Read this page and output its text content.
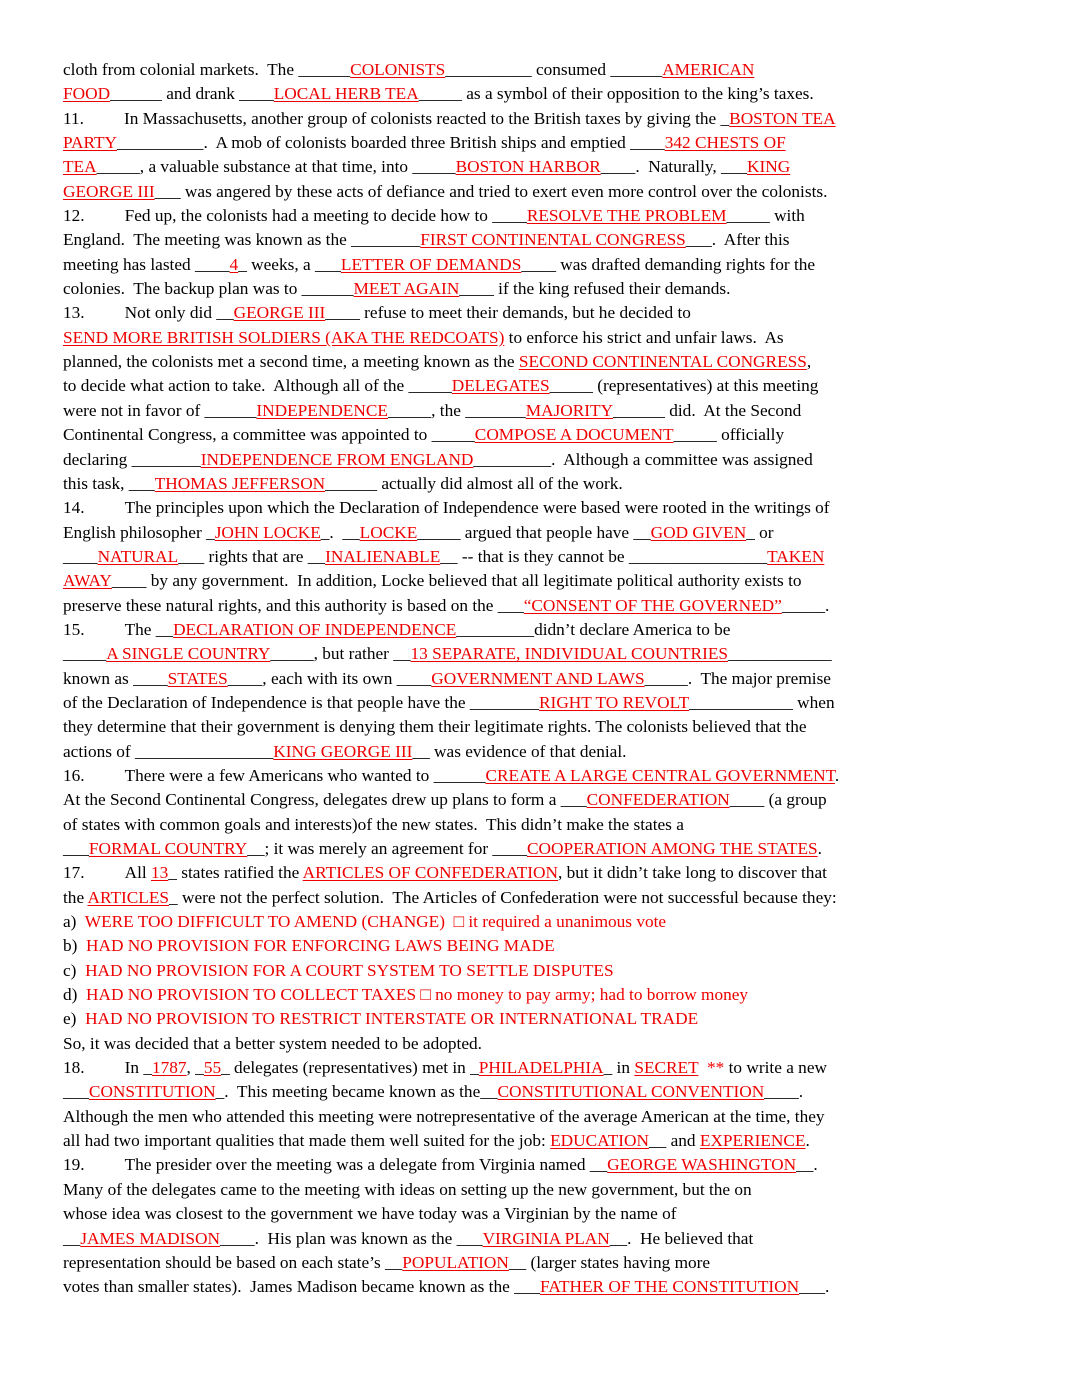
cloth from colonial markets.  The ______COLONISTS__________ consumed ______AMERICAN
FOOD______ and drank ____LOCAL HERB TEA_____ as a symbol of their opposition to the king’s taxes.
11. In Massachusetts, another group of colonists reacted to the British taxes by giving the _BOSTON TEA
PARTY__________.  A mob of colonists boarded three British ships and emptied ____342 CHESTS OF
TEA_____, a valuable substance at that time, into _____BOSTON HARBOR____.  Naturally, ___KING
GEORGE III___ was angered by these acts of defiance and tried to exert even more control over the colonists.
12. Fed up, the colonists had a meeting to decide how to ____RESOLVE THE PROBLEM_____ with
England.  The meeting was known as the ________FIRST CONTINENTAL CONGRESS___.  After this
meeting has lasted ____4_ weeks, a ___LETTER OF DEMANDS____ was drafted demanding rights for the
colonies.  The backup plan was to ______MEET AGAIN____ if the king refused their demands.
13. Not only did __GEORGE III____ refuse to meet their demands, but he decided to
SEND MORE BRITISH SOLDIERS (AKA THE REDCOATS) to enforce his strict and unfair laws.  As
planned, the colonists met a second time, a meeting known as the SECOND CONTINENTAL CONGRESS,
to decide what action to take.  Although all of the _____DELEGATES_____ (representatives) at this meeting
were not in favor of ______INDEPENDENCE_____, the _______MAJORITY______ did.  At the Second
Continental Congress, a committee was appointed to _____COMPOSE A DOCUMENT_____ officially
declaring ________INDEPENDENCE FROM ENGLAND_________.  Although a committee was assigned
this task, ___THOMAS JEFFERSON______ actually did almost all of the work.
14. The principles upon which the Declaration of Independence were based were rooted in the writings of
English philosopher _JOHN LOCKE_.  __LOCKE_____ argued that people have __GOD GIVEN_ or
____NATURAL___ rights that are __INALIENABLE__ -- that is they cannot be ________________TAKEN
AWAY____ by any government.  In addition, Locke believed that all legitimate political authority exists to
preserve these natural rights, and this authority is based on the ___“CONSENT OF THE GOVERNED”_____.
15. The __DECLARATION OF INDEPENDENCE_________didn’t declare America to be
_____A SINGLE COUNTRY_____, but rather __13 SEPARATE, INDIVIDUAL COUNTRIES____________
known as ____STATES____, each with its own ____GOVERNMENT AND LAWS_____.  The major premise
of the Declaration of Independence is that people have the ________RIGHT TO REVOLT____________ when
they determine that their government is denying them their legitimate rights. The colonists believed that the
actions of ________________KING GEORGE III__ was evidence of that denial.
16. There were a few Americans who wanted to ______CREATE A LARGE CENTRAL GOVERNMENT.
At the Second Continental Congress, delegates drew up plans to form a ___CONFEDERATION____ (a group
of states with common goals and interests)of the new states.  This didn’t make the states a
___FORMAL COUNTRY__; it was merely an agreement for ____COOPERATION AMONG THE STATES.
17. All 13_ states ratified the ARTICLES OF CONFEDERATION, but it didn’t take long to discover that
the ARTICLES_ were not the perfect solution.  The Articles of Confederation were not successful because they:
a)  WERE TOO DIFFICULT TO AMEND (CHANGE)  □ it required a unanimous vote
b)  HAD NO PROVISION FOR ENFORCING LAWS BEING MADE
c)  HAD NO PROVISION FOR A COURT SYSTEM TO SETTLE DISPUTES
d)  HAD NO PROVISION TO COLLECT TAXES □ no money to pay army; had to borrow money
e)  HAD NO PROVISION TO RESTRICT INTERSTATE OR INTERNATIONAL TRADE
So, it was decided that a better system needed to be adopted.
18. In _1787, _55_ delegates (representatives) met in _PHILADELPHIA_ in SECRET  ** to write a new
___CONSTITUTION_.  This meeting became known as the__CONSTITUTIONAL CONVENTION____.
Although the men who attended this meeting were notrepresentative of the average American at the time, they
all had two important qualities that made them well suited for the job: EDUCATION__ and EXPERIENCE.
19. The presider over the meeting was a delegate from Virginia named __GEORGE WASHINGTON__.
Many of the delegates came to the meeting with ideas on setting up the new government, but the on
whose idea was closest to the government we have today was a Virginian by the name of
__JAMES MADISON____.  His plan was known as the ___VIRGINIA PLAN__.  He believed that
representation should be based on each state’s __POPULATION__ (larger states having more
votes than smaller states).  James Madison became known as the ___FATHER OF THE CONSTITUTION___.
